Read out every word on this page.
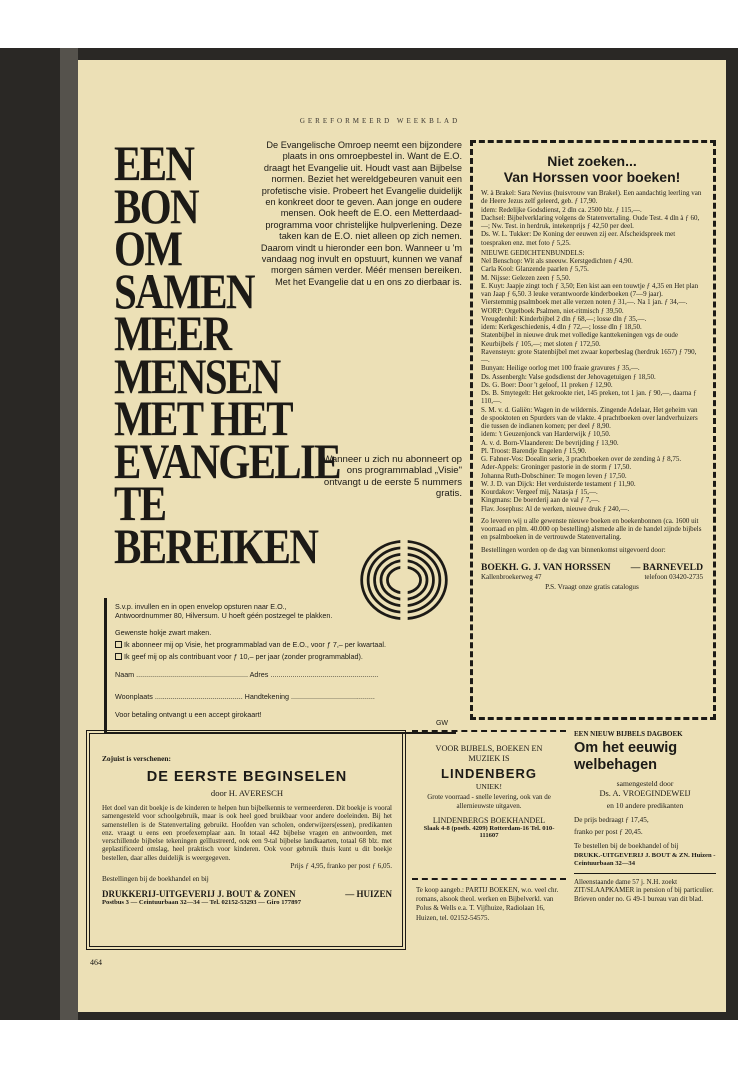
GEREFORMEERD WEEKBLAD
EEN
BON
OM
SAMEN
MEER
MENSEN
MET HET
EVANGELIE
TE
BEREIKEN
De Evangelische Omroep neemt een bijzondere plaats in ons omroepbestel in. Want de E.O. draagt het Evangelie uit. Houdt vast aan Bijbelse normen. Beziet het wereldgebeuren vanuit een profetische visie. Probeert het Evangelie duidelijk en konkreet door te geven. Aan jonge en oudere mensen. Ook heeft de E.O. een Metterdaad-programma voor christelijke hulpverlening. Deze taken kan de E.O. niet alleen op zich nemen. Daarom vindt u hieronder een bon. Wanneer u 'm vandaag nog invult en opstuurt, kunnen we vanaf morgen sámen verder. Méér mensen bereiken. Met het Evangelie dat u en ons zo dierbaar is.
Wanneer u zich nu abonneert op ons programmablad „Visie" ontvangt u de eerste 5 nummers gratis.
S.v.p. invullen en in open envelop opsturen naar E.O.,
Antwoordnummer 80, Hilversum. U hoeft géén postzegel te plakken.
Gewenste hokje zwart maken.
Ik abonneer mij op Visie, het programmablad van de E.O., voor ƒ 7,– per kwartaal.
Ik geef mij op als contribuant voor ƒ 10,– per jaar (zonder programmablad).
Naam ........................................................ Adres ......................................................
Woonplaats ............................................ Handtekening ..........................................
Voor betaling ontvangt u een accept girokaart!
GW
Niet zoeken...
Van Horssen voor boeken!

W. à Brakel: Sara Nevius (huisvrouw van Brakel). Een aandachtig leerling van de Heere Jezus zelf geleerd, geb. ƒ 17,90.

idem: Redelijke Godsdienst, 2 dln ca. 2500 blz. ƒ 115,—.

Dachsel: Bijbelverklaring volgens de Statenvertaling. Oude Test. 4 dln à ƒ 60,—; Nw. Test. in herdruk, intekenprijs ƒ 42,50 per deel.

Ds. W. L. Tukker: De Koning der eeuwen zij eer. Afscheidspreek met toespraken enz. met foto ƒ 5,25.

NIEUWE GEDICHTENBUNDELS:

Nel Benschop: Wit als sneeuw. Kerstgedichten ƒ 4,90.

Carla Kool: Glanzende paarlen ƒ 5,75.

M. Nijsse: Gelezen zeen ƒ 5,50.

E. Kuyt: Jaapje zingt toch ƒ 3,50; Een kist aan een touwtje ƒ 4,35 en Het plan van Jaap ƒ 6,50. 3 leuke verantwoorde kinderboeken (7—9 jaar).

Vierstemmig psalmboek met alle verzen noten ƒ 31,—. Na 1 jan. ƒ 34,—.

WORP: Orgelboek Psalmen, niet-ritmisch ƒ 39,50.

Vreugdenhil: Kinderbijbel 2 dln ƒ 68,—; losse dln ƒ 35,—.

idem: Kerkgeschiedenis, 4 dln ƒ 72,—; losse dln ƒ 18,50.

Statenbijbel in nieuwe druk met volledige kanttekeningen vgs de oude Keurbijbels ƒ 105,—; met sloten ƒ 172,50.

Ravensteyn: grote Statenbijbel met zwaar koperbeslag (herdruk 1657) ƒ 790,—.

Bunyan: Heilige oorlog met 100 fraaie gravures ƒ 35,—.

Ds. Assenbergh: Valse godsdienst der Jehovagetuigen ƒ 18,50.

Ds. G. Boer: Door 't geloof, 11 preken ƒ 12,90.

Ds. B. Smytegelt: Het gekrookte riet, 145 preken, tot 1 jan. ƒ 90,—, daarna ƒ 110,—.

S. M. v. d. Galiën: Wagen in de wildernis. Zingende Adelaar, Het geheim van de spooktoten en Spurders van de vlakte. 4 prachtboeken over landverhuizers die tussen de indianen komen; per deel ƒ 8,90.

idem: 't Geuzenjonck van Harderwijk ƒ 10,50.

A. v. d. Born-Vlaanderen: De bevrijding ƒ 13,90.

Pl. Troost: Barendje Engelen ƒ 15,90.

G. Fahner-Vos: Doealin serie, 3 prachtboeken over de zending à ƒ 8,75.

Ader-Appels: Groninger pastorie in de storm ƒ 17,50.

Johanna Ruth-Dobschiner: Te mogen leven ƒ 17,50.

W. J. D. van Dijck: Het verduisterde testament ƒ 11,90.

Kourdakov: Vergeef mij, Natasja ƒ 15,—.

Kingmans: De boerderij aan de val ƒ 7,—.

Flav. Josephus: Al de werken, nieuwe druk ƒ 240,—.

Zo leveren wij u alle gewenste nieuwe boeken en boekenbonnen (ca. 1600 uit voorraad en plm. 40.000 op bestelling) alsmede alle in de handel zijnde bijbels en psalmboeken in de vertrouwde Statenvertaling.

Bestellingen worden op de dag van binnenkomst uitgevoerd door:

BOEKH. G. J. VAN HORSSEN — BARNEVELD
Kallenbroekerweg 47	telefoon 03420-2735
P.S. Vraagt onze gratis catalogus
Zojuist is verschenen:
DE EERSTE BEGINSELEN
door H. AVERESCH
Het doel van dit boekje is de kinderen te helpen hun bijbelkennis te vermeerderen. Dit boekje is vooral samengesteld voor schoolgebruik, maar is ook heel goed bruikbaar voor andere doeleinden. Bij het samenstellen is de Statenvertaling gebruikt. Hoofden van scholen, onderwijzers(essen), predikanten enz. vraagt u eens een proefexemplaar aan. In totaal 442 bijbelse vragen en antwoorden, met verschillende bijbelse tekeningen geïllustreerd, ook een 9-tal bijbelse landkaarten, totaal 68 blz. met geplastificeerd omslag, heel praktisch voor kinderen. Ook voor gebruik thuis kunt u dit boekje bestellen, daar alles duidelijk is weergegeven.
Prijs ƒ 4,95, franko per post ƒ 6,05.
Bestellingen bij de boekhandel en bij
DRUKKERIJ-UITGEVERIJ J. BOUT & ZONEN	— HUIZEN
Postbus 3 — Ceintuurbaan 32—34 — Tel. 02152-53293 — Giro 177897
VOOR BIJBELS, BOEKEN EN
MUZIEK IS
LINDENBERG
UNIEK!
Grote voorraad - snelle levering, ook van de allernieuwste uitgaven.
LINDENBERGS BOEKHANDEL
Slaak 4-8 (postb. 4209) Rotterdam-16 Tel. 010-111607
Te koop aangeb.: PARTIJ BOEKEN, w.o. veel chr. romans, alsook theol. werken en Bijbelverkl. van Polus & Wells e.a. T. Vijfhuize, Radiolaan 16, Huizen, tel. 02152-54575.
EEN NIEUW BIJBELS DAGBOEK
Om het eeuwig welbehagen
samengesteld door
Ds. A. VROEGINDEWEIJ
en 10 andere predikanten
De prijs bedraagt ƒ 17,45,
franko per post ƒ 20,45.
Te bestellen bij de boekhandel of bij
DRUKK.-UITGEVERIJ J. BOUT & ZN. Huizen - Ceintuurbaan 32—34
Alleenstaande dame 57 j. N.H. zoekt ZIT/SLAAPKAMER in pension of bij particulier. Brieven onder no. G 49-1 bureau van dit blad.
464
